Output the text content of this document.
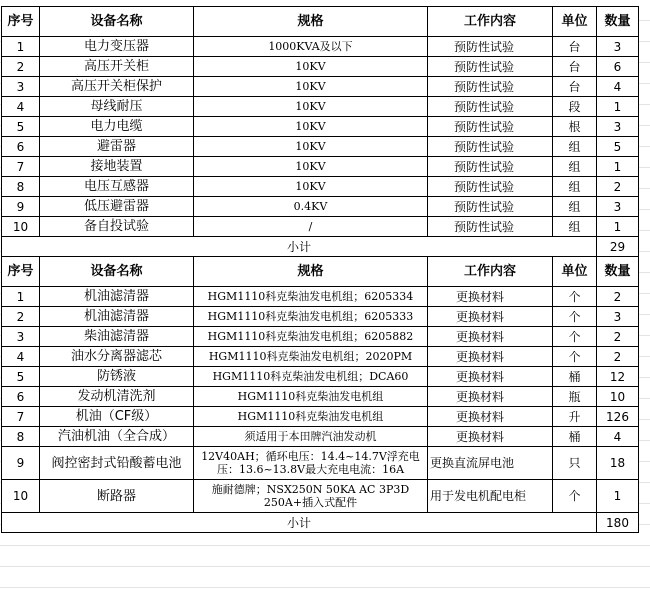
序号	设备名称	规格	工作内容	单位	数量
1	电力变压器	1000KVA及以下	预防性试验	台	3
2	高压开关柜	10KV	预防性试验	台	6
3	高压开关柜保护	10KV	预防性试验	台	4
4	母线耐压	10KV	预防性试验	段	1
5	电力电缆	10KV	预防性试验	根	3
6	避雷器	10KV	预防性试验	组	5
7	接地装置	10KV	预防性试验	组	1
8	电压互感器	10KV	预防性试验	组	2
9	低压避雷器	0.4KV	预防性试验	组	3
10	备自投试验	/	预防性试验	组	1
小计					29
序号	设备名称	规格	工作内容	单位	数量
1	机油滤清器	HGM1110科克柴油发电机组；6205334	更换材料	个	2
2	机油滤清器	HGM1110科克柴油发电机组；6205333	更换材料	个	3
3	柴油滤清器	HGM1110科克柴油发电机组；6205882	更换材料	个	2
4	油水分离器滤芯	HGM1110科克柴油发电机组；2020PM	更换材料	个	2
5	防锈液	HGM1110科克柴油发电机组；DCA60	更换材料	桶	12
6	发动机清洗剂	HGM1110科克柴油发电机组	更换材料	瓶	10
7	机油（CF级）	HGM1110科克柴油发电机组	更换材料	升	126
8	汽油机油（全合成）	须适用于本田牌汽油发动机	更换材料	桶	4
9	阀控密封式铅酸蓄电池	12V40AH；循环电压：14.4~14.7V浮充电压：13.6~13.8V最大充电电流：16A	更换直流屏电池	只	18
10	断路器	施耐德牌；NSX250N 50KA AC 3P3D 250A+插入式配件	用于发电机配电柜	个	1
小计					180
